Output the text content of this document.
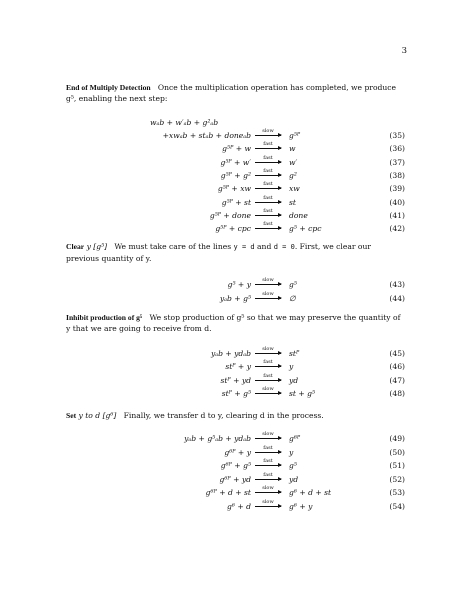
3
End of Multiply Detection Once the multiplication operation has completed, we produce g⁵, enabling the next step:
wₐb + w′ₐb + g²ₐb
+xwₐb + stₐb + doneₐb	slow	g⁵ᴾ	(35)
g⁵ᴾ + w	fast	w	(36)
g⁵ᴾ + w′	fast	w′	(37)
g⁵ᴾ + g²	fast	g²	(38)
g⁵ᴾ + xw	fast	xw	(39)
g⁵ᴾ + st	fast	st	(40)
g⁵ᴾ + done	fast	done	(41)
g⁵ᴾ + cpc	fast	g⁵ + cpc	(42)
Clear y [g⁵] We must take care of the lines y = d and d = 0. First, we clear our previous quantity of y.
g⁵ + y	slow	g⁵	(43)
yₐb + g⁵	slow	∅	(44)
Inhibit production of g⁵ We stop production of g⁵ so that we may preserve the quantity of y that we are going to receive from d.
yₐb + ydₐb	slow	stᴾ	(45)
stᴾ + y	fast	y	(46)
stᴾ + yd	fast	yd	(47)
stᴾ + g⁵	slow	st + g⁵	(48)
Set y to d [g⁶] Finally, we transfer d to y, clearing d in the process.
yₐb + g⁵ₐb + ydₐb	slow	g⁶ᴾ	(49)
g⁶ᴾ + y	fast	y	(50)
g⁶ᴾ + g⁵	fast	g⁵	(51)
g⁶ᴾ + yd	fast	yd	(52)
g⁶ᴾ + d + st	slow	g⁶ + d + st	(53)
g⁶ + d	slow	g⁶ + y	(54)
